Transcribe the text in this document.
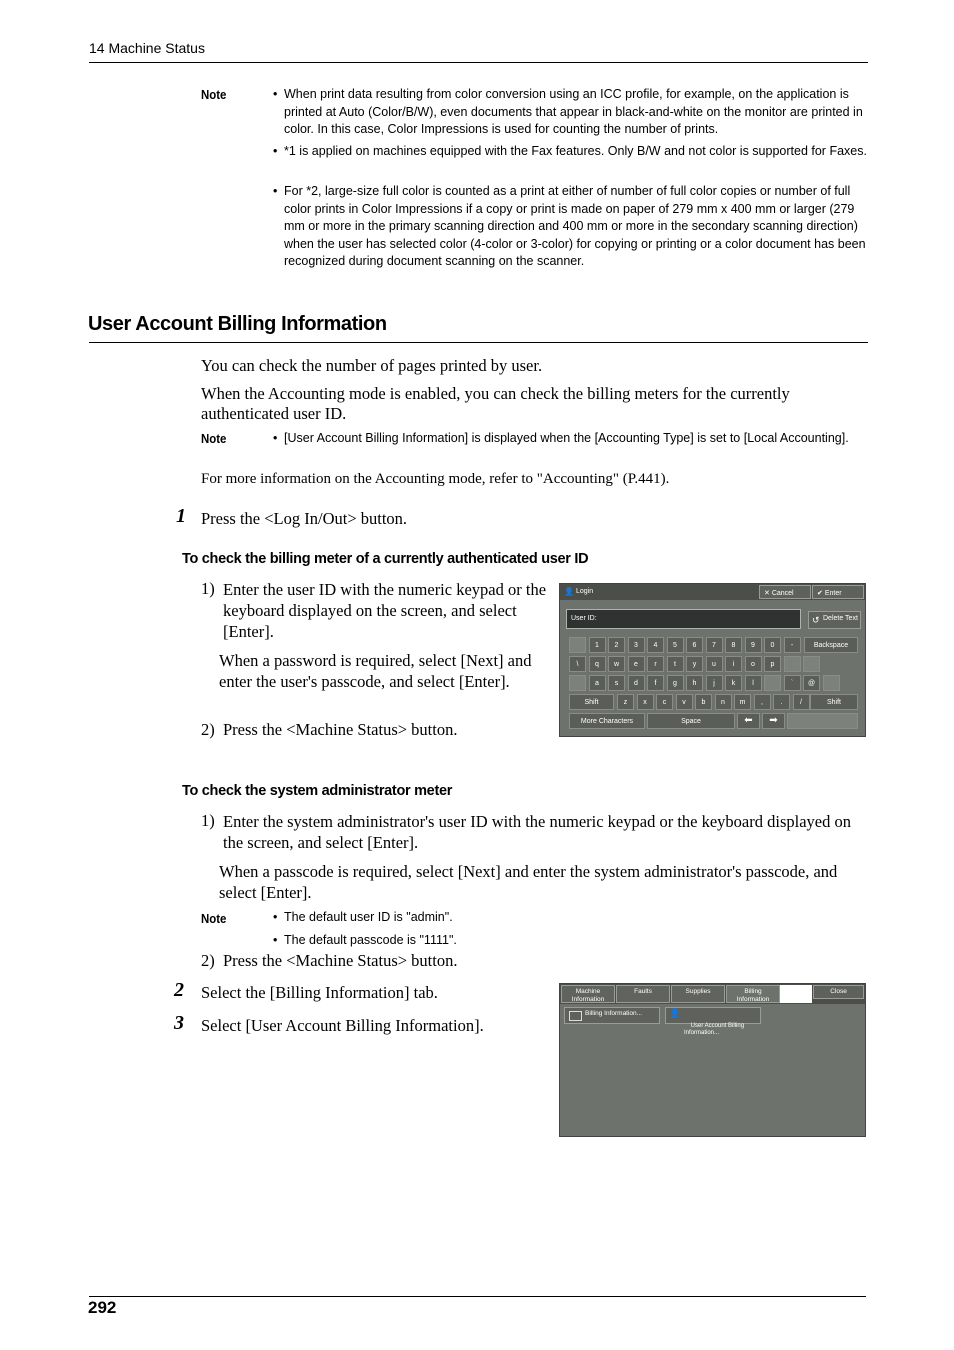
14 Machine Status
Note	• When print data resulting from color conversion using an ICC profile, for example, on the application is printed at Auto (Color/B/W), even documents that appear in black-and-white on the monitor are printed in color. In this case, Color Impressions is used for counting the number of prints.
• *1 is applied on machines equipped with the Fax features. Only B/W and not color is supported for Faxes.
• For *2, large-size full color is counted as a print at either of number of full color copies or number of full color prints in Color Impressions if a copy or print is made on paper of 279 mm x 400 mm or larger (279 mm or more in the primary scanning direction and 400 mm or more in the secondary scanning direction) when the user has selected color (4-color or 3-color) for copying or printing or a color document has been recognized during document scanning on the scanner.
User Account Billing Information
You can check the number of pages printed by user.
When the Accounting mode is enabled, you can check the billing meters for the currently authenticated user ID.
Note	• [User Account Billing Information] is displayed when the [Accounting Type] is set to [Local Accounting].
For more information on the Accounting mode, refer to "Accounting" (P.441).
1 Press the <Log In/Out> button.
To check the billing meter of a currently authenticated user ID
1) Enter the user ID with the numeric keypad or the keyboard displayed on the screen, and select [Enter].
When a password is required, select [Next] and enter the user's passcode, and select [Enter].
2) Press the <Machine Status> button.
👤 Login	✕ Cancel	✔ Enter
User ID:	↺ Delete Text
1	2	3	4	5	6	7	8	9	0	-	Backspace
\	q	w	e	r	t	y	u	i	o	p
a	s	d	f	g	h	j	k	l	`	@
z	x	c	v	b	n	m	,	.	/
Shift	Shift
More Characters	Space	⬅	➡
To check the system administrator meter
1) Enter the system administrator's user ID with the numeric keypad or the keyboard displayed on the screen, and select [Enter].
When a passcode is required, select [Next] and enter the system administrator's passcode, and select [Enter].
Note	• The default user ID is "admin".
• The default passcode is "1111".
2) Press the <Machine Status> button.
2 Select the [Billing Information] tab.
3 Select [User Account Billing Information].
Machine
Information
Faults	Supplies	Billing
Information
Close
Billing Information...

	👤

User Account Billing
Information...

292
